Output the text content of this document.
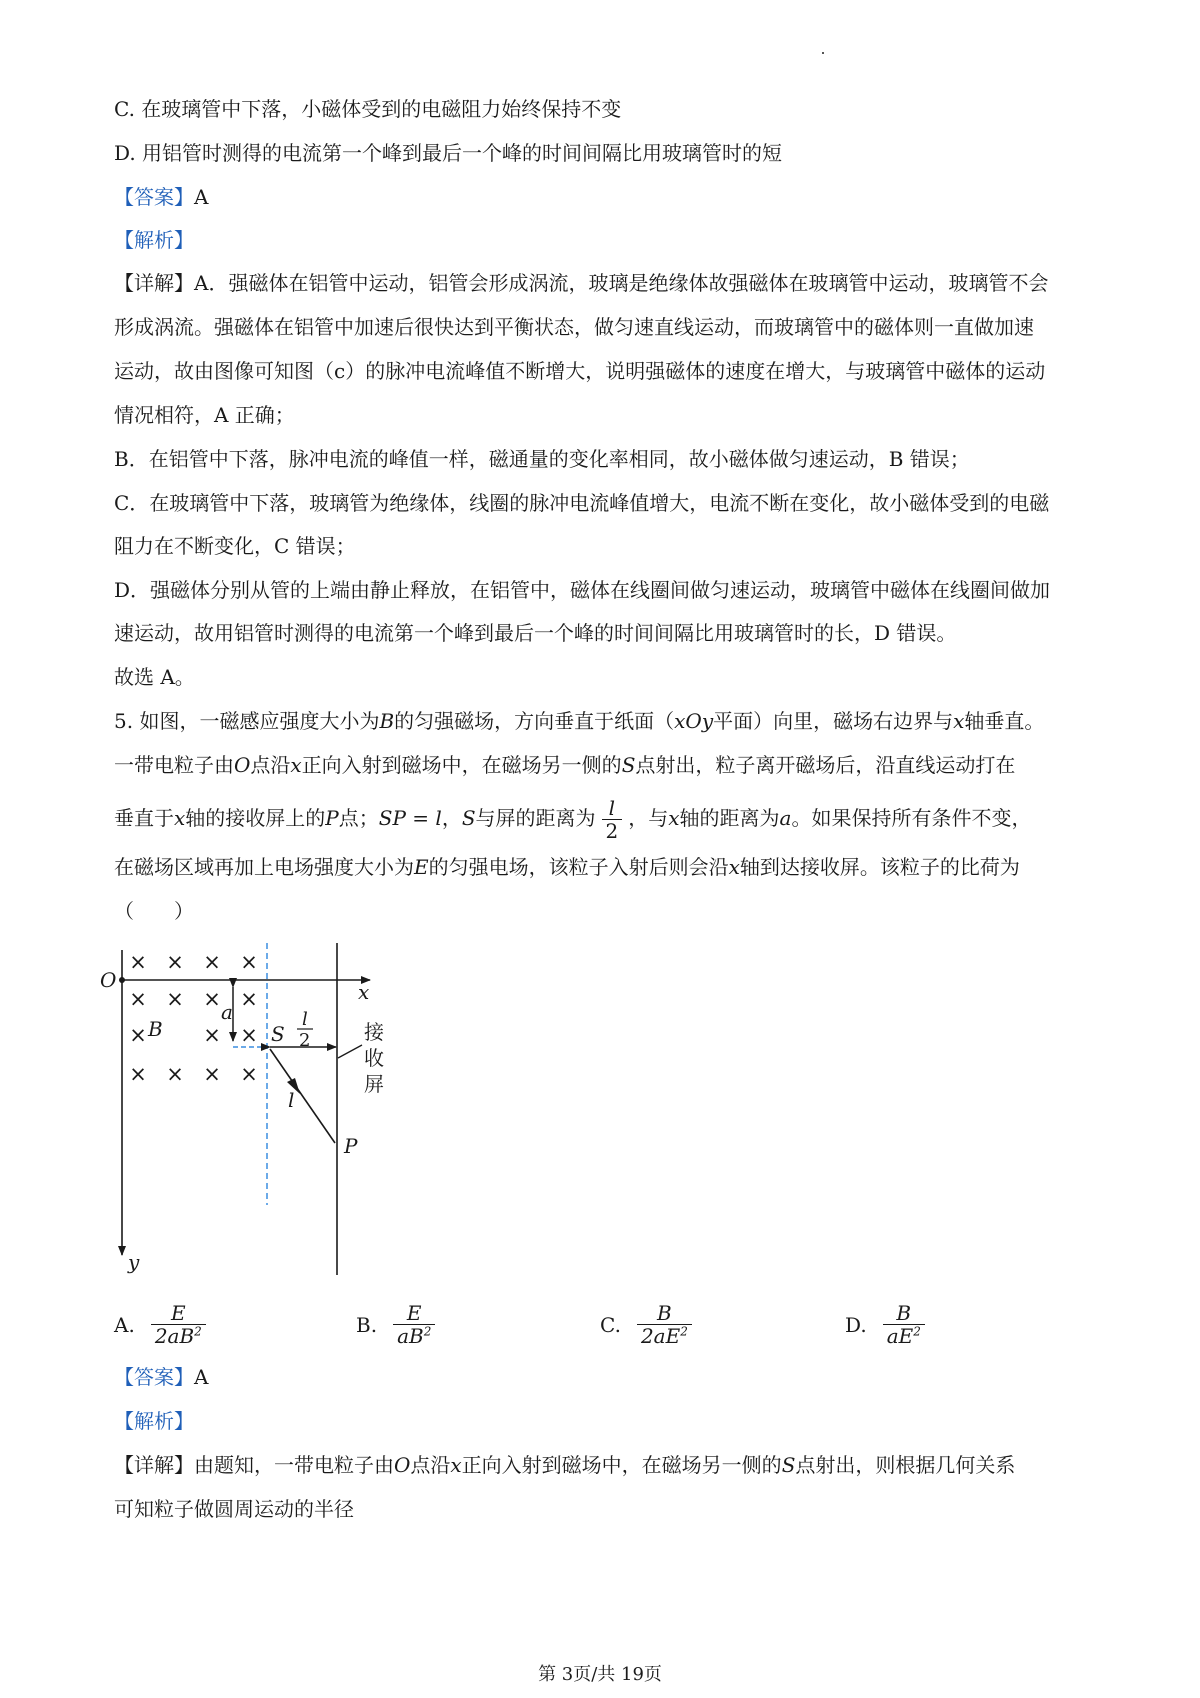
C. 在玻璃管中下落，小磁体受到的电磁阻力始终保持不变
D. 用铝管时测得的电流第一个峰到最后一个峰的时间间隔比用玻璃管时的短
【答案】A
【解析】
【详解】A．强磁体在铝管中运动，铝管会形成涡流，玻璃是绝缘体故强磁体在玻璃管中运动，玻璃管不会
形成涡流。强磁体在铝管中加速后很快达到平衡状态，做匀速直线运动，而玻璃管中的磁体则一直做加速
运动，故由图像可知图（c）的脉冲电流峰值不断增大，说明强磁体的速度在增大，与玻璃管中磁体的运动
情况相符，A 正确；
B．在铝管中下落，脉冲电流的峰值一样，磁通量的变化率相同，故小磁体做匀速运动，B 错误；
C．在玻璃管中下落，玻璃管为绝缘体，线圈的脉冲电流峰值增大，电流不断在变化，故小磁体受到的电磁
阻力在不断变化，C 错误；
D．强磁体分别从管的上端由静止释放，在铝管中，磁体在线圈间做匀速运动，玻璃管中磁体在线圈间做加
速运动，故用铝管时测得的电流第一个峰到最后一个峰的时间间隔比用玻璃管时的长，D 错误。
故选 A。
5. 如图，一磁感应强度大小为B的匀强磁场，方向垂直于纸面（xOy平面）向里，磁场右边界与x轴垂直。
一带电粒子由O点沿x正向入射到磁场中，在磁场另一侧的S点射出，粒子离开磁场后，沿直线运动打在
垂直于x轴的接收屏上的P点；SP = l，S与屏的距离为 $\frac{l}{2}$ ，与x轴的距离为a。如果保持所有条件不变，
在磁场区域再加上电场强度大小为E的匀强电场，该粒子入射后则会沿x轴到达接收屏。该粒子的比荷为
（　　）
× × × ×
× × × ×
×	× ×
× × × ×
O	x
y
a
B	S
l
2
l
P
接
收
屏
A. $\frac{E}{2aB^2}$	B. $\frac{E}{aB^2}$	C. $\frac{B}{2aE^2}$	D. $\frac{B}{aE^2}$
【答案】A
【解析】
【详解】由题知，一带电粒子由O点沿x正向入射到磁场中，在磁场另一侧的S点射出，则根据几何关系
可知粒子做圆周运动的半径
第 3页/共 19页
